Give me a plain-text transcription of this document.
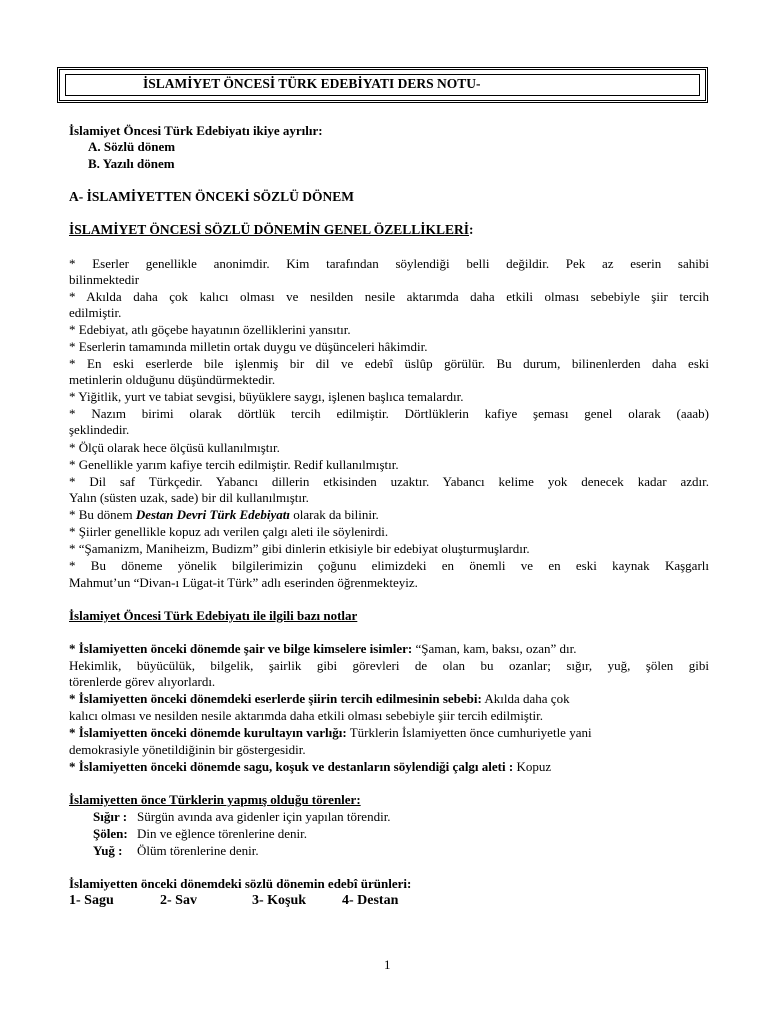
İSLAMİYET ÖNCESİ TÜRK EDEBİYATI DERS NOTU-
İslamiyet Öncesi Türk Edebiyatı ikiye ayrılır:
A. Sözlü dönem
B. Yazılı dönem
A- İSLAMİYETTEN ÖNCEKİ SÖZLÜ DÖNEM
İSLAMİYET ÖNCESİ SÖZLÜ DÖNEMİN GENEL ÖZELLİKLERİ:
* Eserler genellikle anonimdir. Kim tarafından söylendiği belli değildir. Pek az eserin sahibi
bilinmektedir
* Akılda daha çok kalıcı olması ve nesilden nesile aktarımda daha etkili olması sebebiyle şiir tercih
edilmiştir.
* Edebiyat, atlı göçebe hayatının özelliklerini yansıtır.
* Eserlerin tamamında milletin ortak duygu ve düşünceleri hâkimdir.
* En eski eserlerde bile işlenmiş bir dil ve edebî üslûp görülür. Bu durum, bilinenlerden daha eski
metinlerin olduğunu düşündürmektedir.
* Yiğitlik, yurt ve tabiat sevgisi, büyüklere saygı, işlenen başlıca temalardır.
* Nazım birimi olarak dörtlük tercih edilmiştir. Dörtlüklerin kafiye şeması genel olarak (aaab)
şeklindedir.
* Ölçü olarak hece ölçüsü kullanılmıştır.
* Genellikle yarım kafiye tercih edilmiştir. Redif kullanılmıştır.
* Dil saf Türkçedir. Yabancı dillerin etkisinden uzaktır. Yabancı kelime yok denecek kadar azdır.
Yalın (süsten uzak, sade) bir dil kullanılmıştır.
* Bu dönem Destan Devri Türk Edebiyatı olarak da bilinir.
* Şiirler genellikle kopuz adı verilen çalgı aleti ile söylenirdi.
* “Şamanizm, Maniheizm, Budizm” gibi dinlerin etkisiyle bir edebiyat oluşturmuşlardır.
* Bu döneme yönelik bilgilerimizin çoğunu elimizdeki en önemli ve en eski kaynak Kaşgarlı
Mahmut’un “Divan-ı Lügat-it Türk” adlı eserinden öğrenmekteyiz.
İslamiyet Öncesi Türk Edebiyatı ile ilgili bazı notlar
* İslamiyetten önceki dönemde şair ve bilge kimselere isimler: “Şaman, kam, baksı, ozan” dır.
Hekimlik, büyücülük, bilgelik, şairlik gibi görevleri de olan bu ozanlar; sığır, yuğ, şölen gibi
törenlerde görev alıyorlardı.
* İslamiyetten önceki dönemdeki eserlerde şiirin tercih edilmesinin sebebi: Akılda daha çok
kalıcı olması ve nesilden nesile aktarımda daha etkili olması sebebiyle şiir tercih edilmiştir.
* İslamiyetten önceki dönemde kurultayın varlığı: Türklerin İslamiyetten önce cumhuriyetle yani
demokrasiyle yönetildiğinin bir göstergesidir.
* İslamiyetten önceki dönemde sagu, koşuk ve destanların söylendiği çalgı aleti : Kopuz
İslamiyetten önce Türklerin yapmış olduğu törenler:
Sığır : Sürgün avında ava gidenler için yapılan törendir.
Şölen: Din ve eğlence törenlerine denir.
Yuğ : Ölüm törenlerine denir.
İslamiyetten önceki dönemdeki sözlü dönemin edebî ürünleri:
1- Sagu	2- Sav	3- Koşuk	4- Destan
1
